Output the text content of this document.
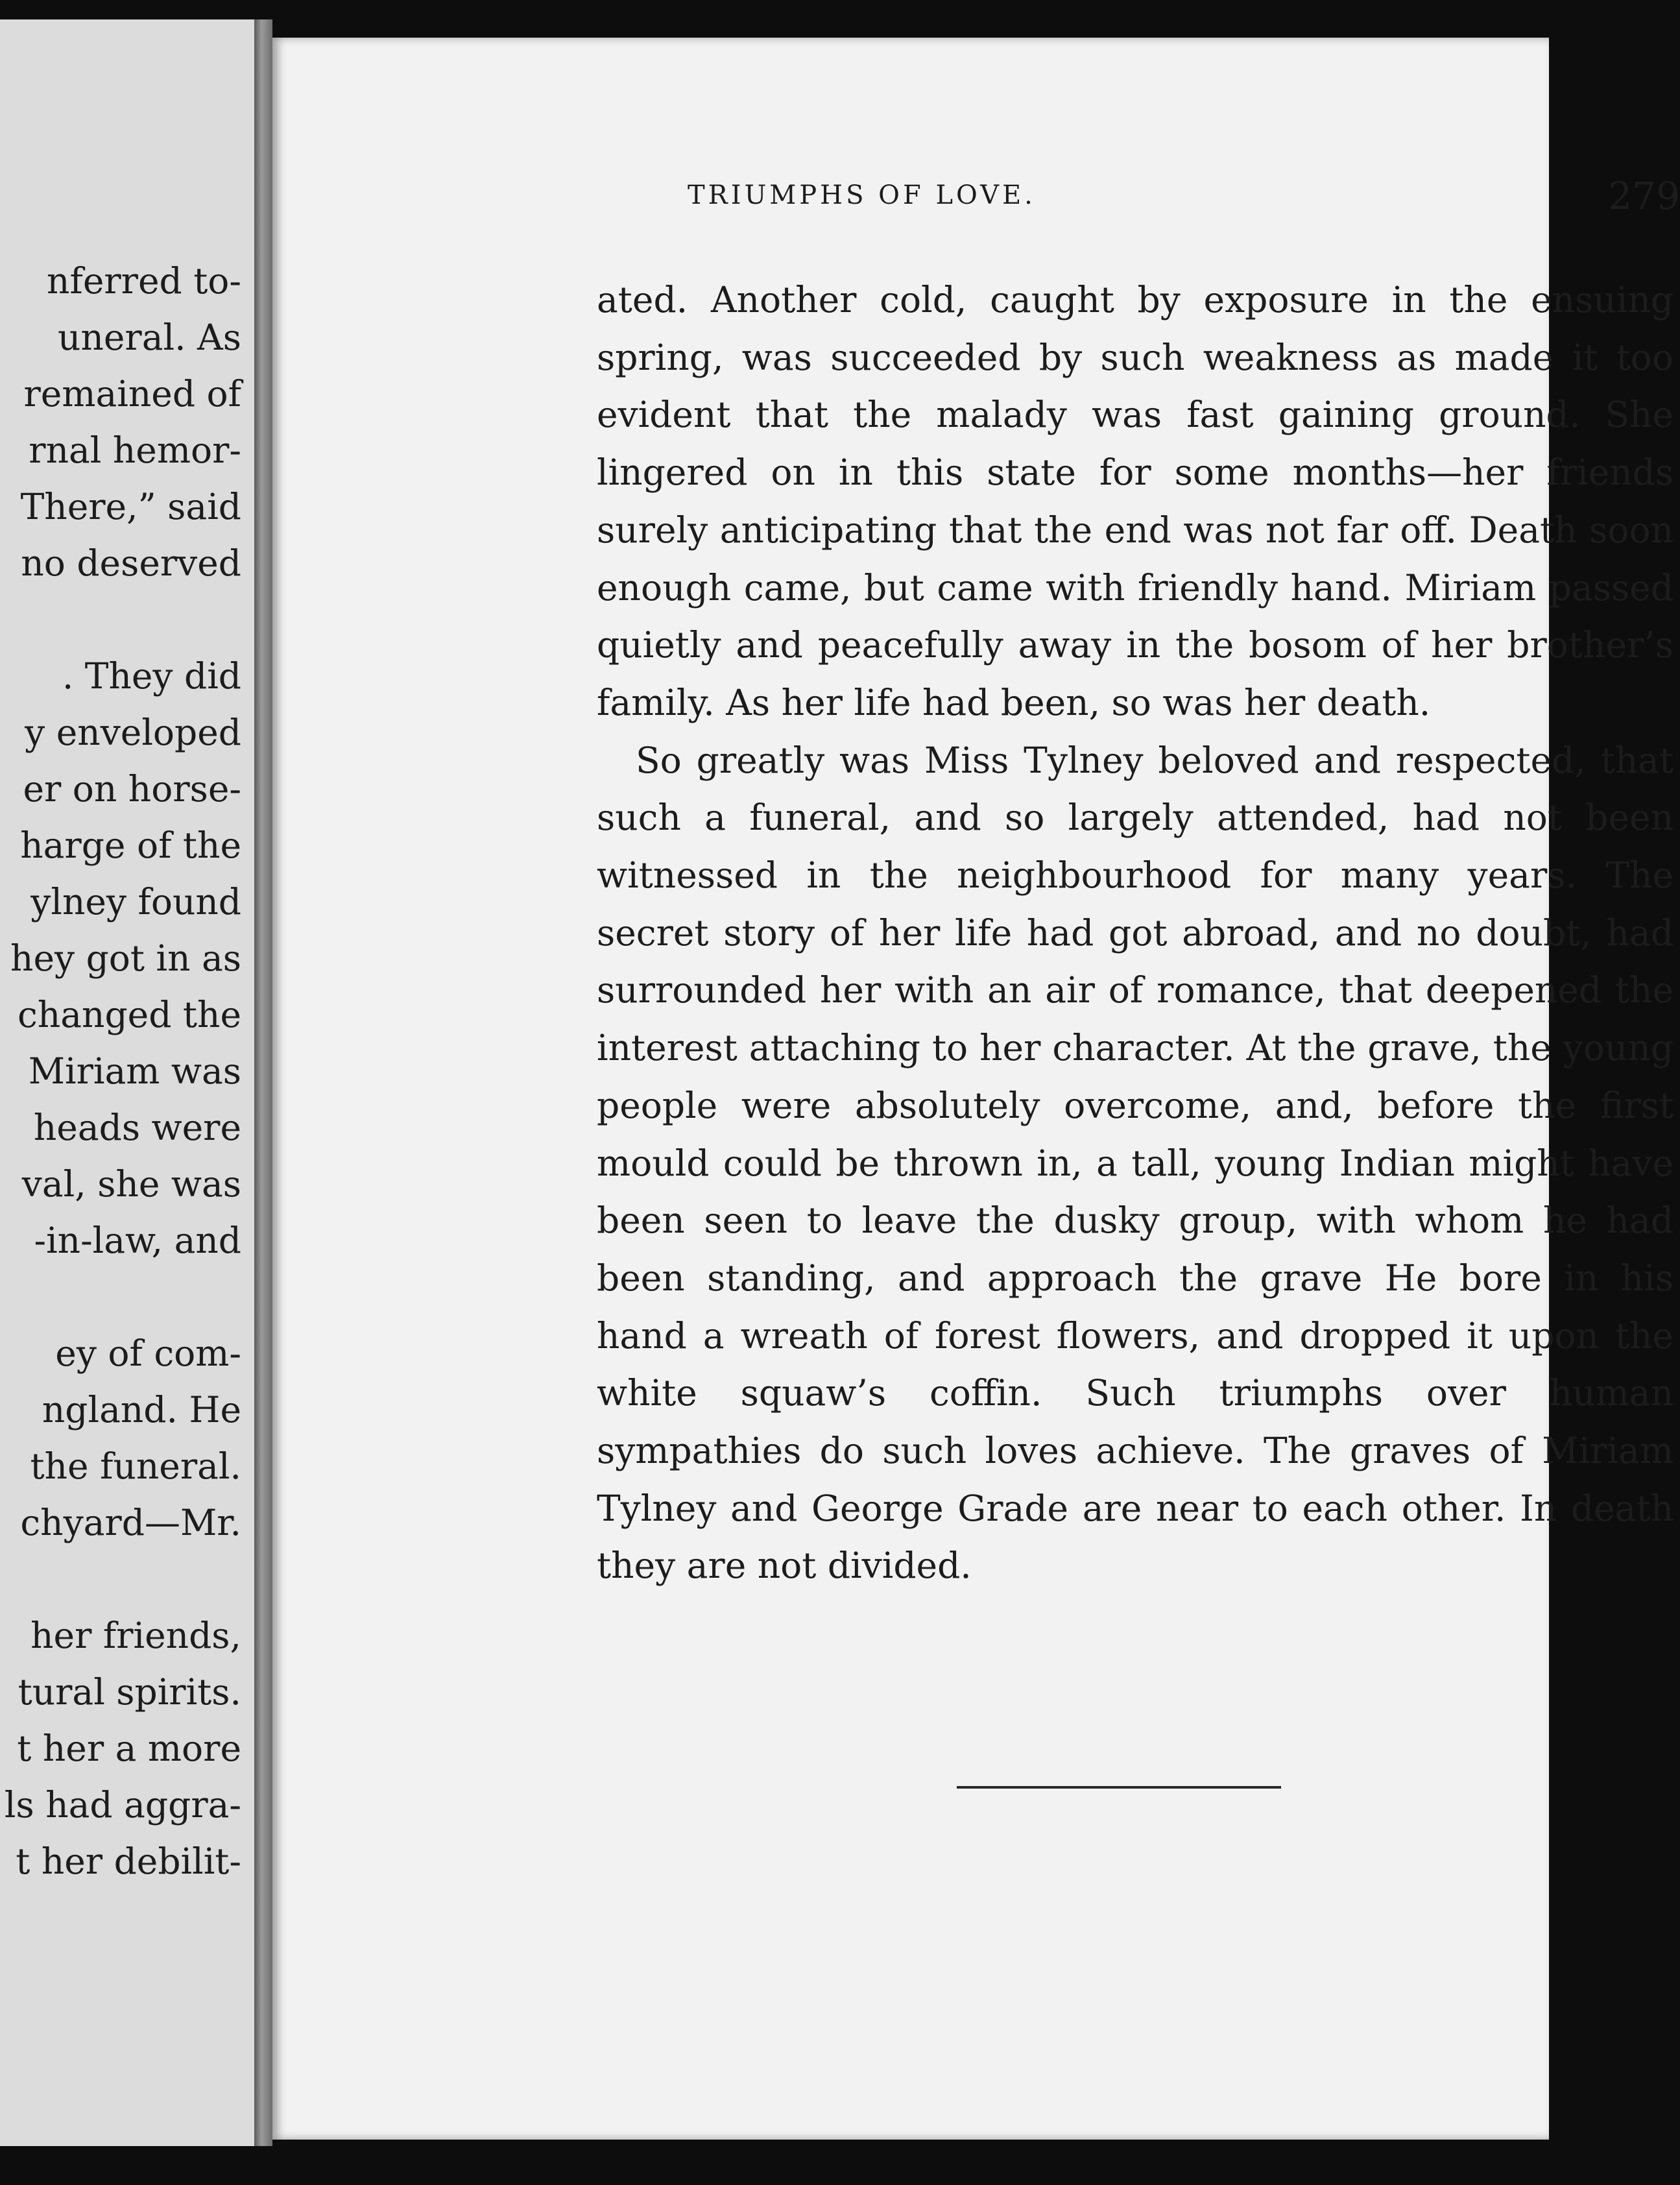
nferred to-
uneral. As
remained of
rnal hemor-
There,” said
no deserved

. They did
y enveloped
er on horse-
harge of the
ylney found
hey got in as
changed the
Miriam was
heads were
val, she was
-in-law, and

ey of com-
ngland. He
the funeral.
chyard—Mr.

her friends,
tural spirits.
t her a more
ls had aggra-
t her debilit-
TRIUMPHS OF LOVE.	279

ated. Another cold, caught by exposure in the ensuing spring, was succeeded by such weakness as made it too evident that the malady was fast gaining ground. She lingered on in this state for some months—her friends surely anticipating that the end was not far off. Death soon enough came, but came with friendly hand. Miriam passed quietly and peacefully away in the bosom of her brother’s family. As her life had been, so was her death.

So greatly was Miss Tylney beloved and respected, that such a funeral, and so largely attended, had not been witnessed in the neighbourhood for many years. The secret story of her life had got abroad, and no doubt, had surrounded her with an air of romance, that deepened the interest attaching to her character. At the grave, the young people were absolutely overcome, and, before the first mould could be thrown in, a tall, young Indian might have been seen to leave the dusky group, with whom he had been standing, and approach the grave He bore in his hand a wreath of forest flowers, and dropped it upon the white squaw’s coffin. Such triumphs over human sympathies do such loves achieve. The graves of Miriam Tylney and George Grade are near to each other. In death they are not divided.
